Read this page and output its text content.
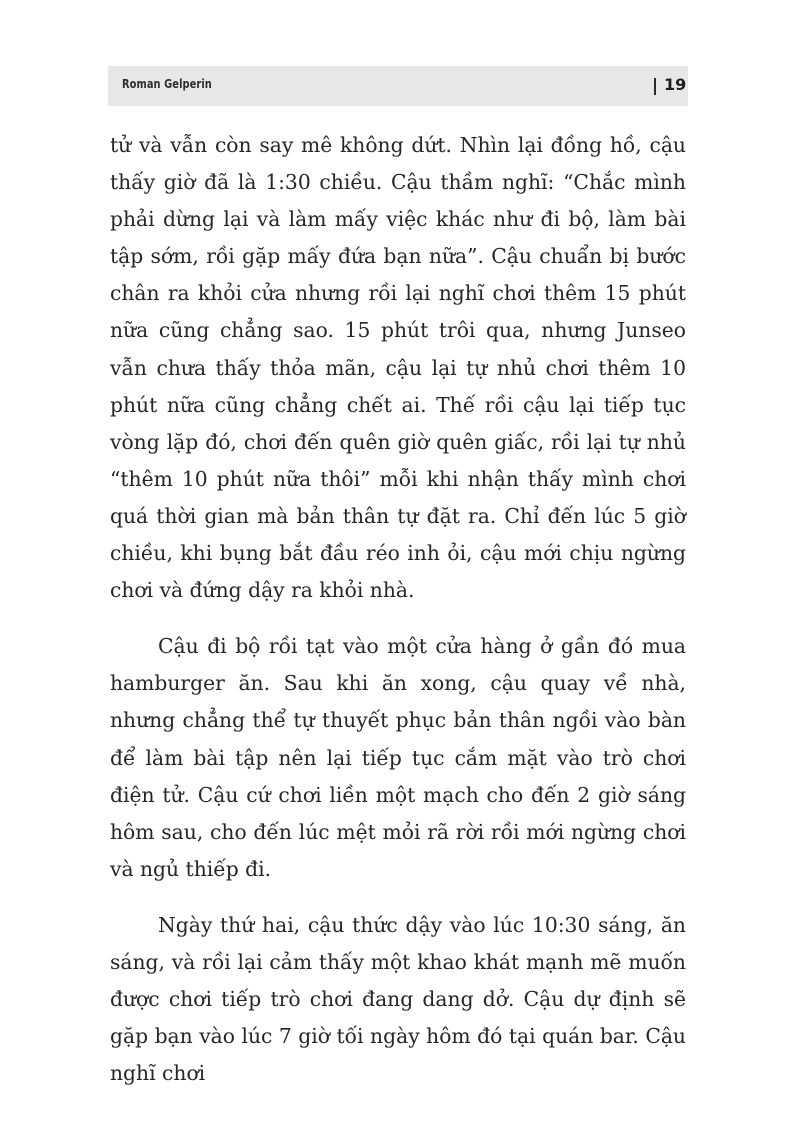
Roman Gelperin	19

tử và vẫn còn say mê không dứt. Nhìn lại đồng hồ, cậu thấy giờ đã là 1:30 chiều. Cậu thầm nghĩ: “Chắc mình phải dừng lại và làm mấy việc khác như đi bộ, làm bài tập sớm, rồi gặp mấy đứa bạn nữa”. Cậu chuẩn bị bước chân ra khỏi cửa nhưng rồi lại nghĩ chơi thêm 15 phút nữa cũng chẳng sao. 15 phút trôi qua, nhưng Junseo vẫn chưa thấy thỏa mãn, cậu lại tự nhủ chơi thêm 10 phút nữa cũng chẳng chết ai. Thế rồi cậu lại tiếp tục vòng lặp đó, chơi đến quên giờ quên giấc, rồi lại tự nhủ “thêm 10 phút nữa thôi” mỗi khi nhận thấy mình chơi quá thời gian mà bản thân tự đặt ra. Chỉ đến lúc 5 giờ chiều, khi bụng bắt đầu réo inh ỏi, cậu mới chịu ngừng chơi và đứng dậy ra khỏi nhà.

Cậu đi bộ rồi tạt vào một cửa hàng ở gần đó mua hamburger ăn. Sau khi ăn xong, cậu quay về nhà, nhưng chẳng thể tự thuyết phục bản thân ngồi vào bàn để làm bài tập nên lại tiếp tục cắm mặt vào trò chơi điện tử. Cậu cứ chơi liền một mạch cho đến 2 giờ sáng hôm sau, cho đến lúc mệt mỏi rã rời rồi mới ngừng chơi và ngủ thiếp đi.

Ngày thứ hai, cậu thức dậy vào lúc 10:30 sáng, ăn sáng, và rồi lại cảm thấy một khao khát mạnh mẽ muốn được chơi tiếp trò chơi đang dang dở. Cậu dự định sẽ gặp bạn vào lúc 7 giờ tối ngày hôm đó tại quán bar. Cậu nghĩ chơi
